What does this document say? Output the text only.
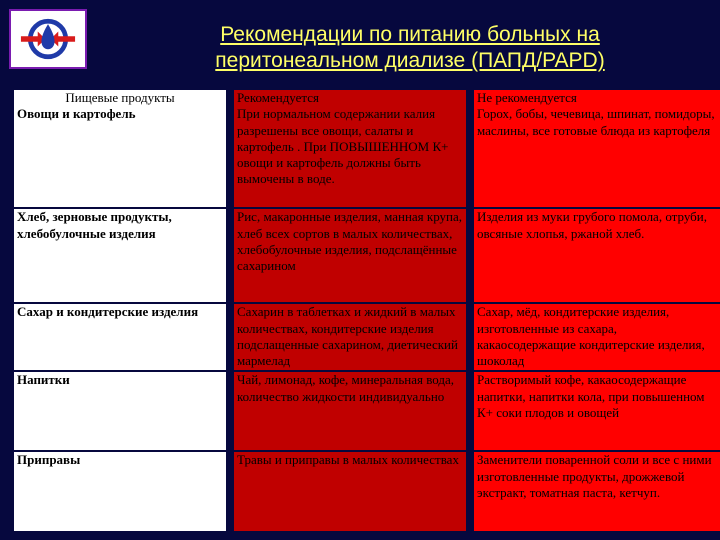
Рекомендации по питанию больных на перитонеальном диализе (ПАПД/PAPD)
Пищевые продукты	Рекомендуется	Не рекомендуется
Овощи и картофель	При нормальном содержании калия разрешены все овощи, салаты и картофель . При ПОВЫШЕННОМ К+ овощи и картофель должны быть вымочены в воде.	Горох, бобы, чечевица, шпинат, помидоры, маслины, все готовые блюда из картофеля
Хлеб, зерновые продукты, хлебобулочные изделия	Рис, макаронные изделия, манная крупа, хлеб всех сортов в малых количествах, хлебобулочные изделия, подслащённые сахарином	Изделия из муки грубого помола, отруби, овсяные хлопья, ржаной хлеб.
Сахар и кондитерские изделия	Сахарин в таблетках и жидкий в малых количествах, кондитерские изделия подслащенные сахарином, диетический мармелад	Сахар, мёд, кондитерские изделия, изготовленные из сахара, какаосодержащие кондитерские изделия, шоколад
Напитки	Чай, лимонад, кофе, минеральная вода, количество жидкости индивидуально	Растворимый кофе, какаосодержащие напитки, напитки кола, при повышенном К+ соки плодов и овощей
Приправы	Травы и приправы в малых количествах	Заменители поваренной соли и все с ними изготовленные продукты, дрожжевой экстракт, томатная паста, кетчуп.
